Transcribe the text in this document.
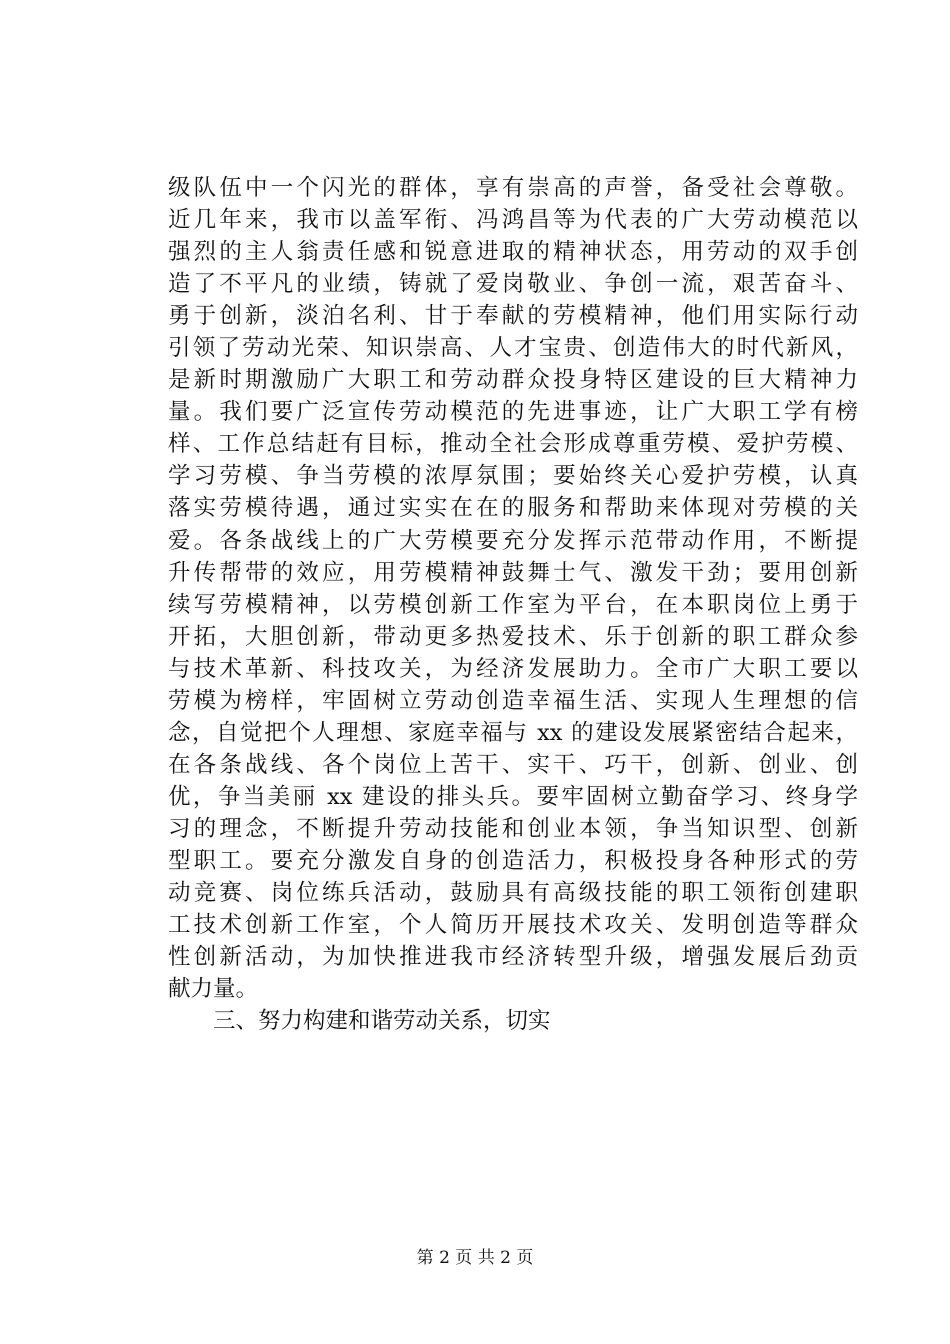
级队伍中一个闪光的群体，享有崇高的声誉，备受社会尊敬。
近几年来，我市以盖军衔、冯鸿昌等为代表的广大劳动模范以
强烈的主人翁责任感和锐意进取的精神状态，用劳动的双手创
造了不平凡的业绩，铸就了爱岗敬业、争创一流，艰苦奋斗、
勇于创新，淡泊名利、甘于奉献的劳模精神，他们用实际行动
引领了劳动光荣、知识崇高、人才宝贵、创造伟大的时代新风，
是新时期激励广大职工和劳动群众投身特区建设的巨大精神力
量。我们要广泛宣传劳动模范的先进事迹，让广大职工学有榜
样、工作总结赶有目标，推动全社会形成尊重劳模、爱护劳模、
学习劳模、争当劳模的浓厚氛围；要始终关心爱护劳模，认真
落实劳模待遇，通过实实在在的服务和帮助来体现对劳模的关
爱。各条战线上的广大劳模要充分发挥示范带动作用，不断提
升传帮带的效应，用劳模精神鼓舞士气、激发干劲；要用创新
续写劳模精神，以劳模创新工作室为平台，在本职岗位上勇于
开拓，大胆创新，带动更多热爱技术、乐于创新的职工群众参
与技术革新、科技攻关，为经济发展助力。全市广大职工要以
劳模为榜样，牢固树立劳动创造幸福生活、实现人生理想的信
念，自觉把个人理想、家庭幸福与 xx 的建设发展紧密结合起来，
在各条战线、各个岗位上苦干、实干、巧干，创新、创业、创
优，争当美丽 xx 建设的排头兵。要牢固树立勤奋学习、终身学
习的理念，不断提升劳动技能和创业本领，争当知识型、创新
型职工。要充分激发自身的创造活力，积极投身各种形式的劳
动竞赛、岗位练兵活动，鼓励具有高级技能的职工领衔创建职
工技术创新工作室，个人简历开展技术攻关、发明创造等群众
性创新活动，为加快推进我市经济转型升级，增强发展后劲贡
献力量。
三、努力构建和谐劳动关系，切实
第 2 页 共 2 页
